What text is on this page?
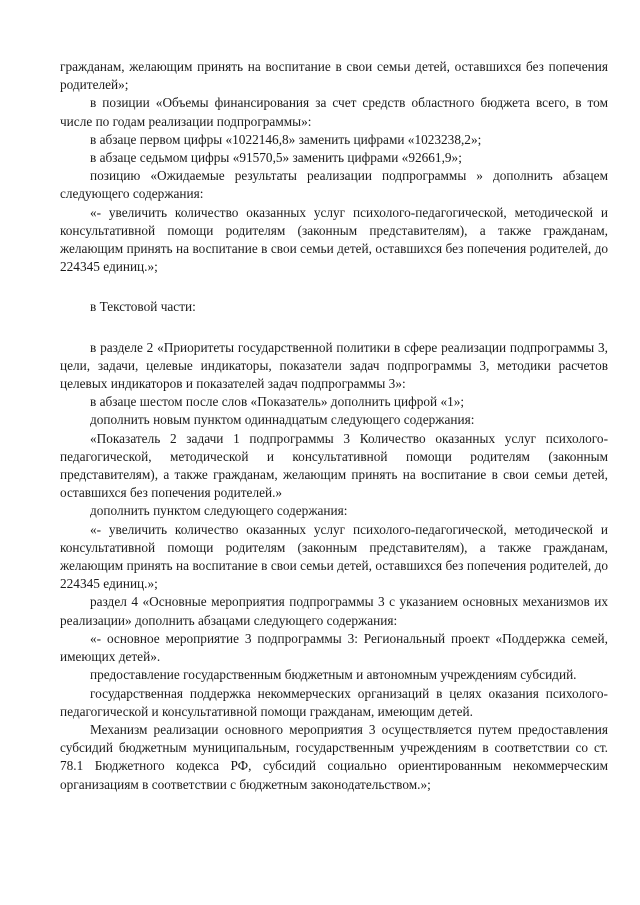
гражданам, желающим принять на воспитание в свои семьи детей, оставшихся без попечения родителей»;

в позиции «Объемы финансирования за счет средств областного бюджета всего, в том числе по годам реализации подпрограммы»:

в абзаце первом цифры «1022146,8» заменить цифрами «1023238,2»;

в абзаце седьмом цифры «91570,5» заменить цифрами «92661,9»;

позицию «Ожидаемые результаты реализации подпрограммы » дополнить абзацем следующего содержания:

«- увеличить количество оказанных услуг психолого-педагогической, методической и консультативной помощи родителям (законным представителям), а также гражданам, желающим принять на воспитание в свои семьи детей, оставшихся без попечения родителей, до 224345 единиц.»;

в Текстовой части:

в разделе 2 «Приоритеты государственной политики в сфере реализации подпрограммы 3, цели, задачи, целевые индикаторы, показатели задач подпрограммы 3, методики расчетов целевых индикаторов и показателей задач подпрограммы 3»:

в абзаце шестом после слов «Показатель» дополнить цифрой «1»;

дополнить новым пунктом одиннадцатым следующего содержания:

«Показатель 2 задачи 1 подпрограммы 3 Количество оказанных услуг психолого-педагогической, методической и консультативной помощи родителям (законным представителям), а также гражданам, желающим принять на воспитание в свои семьи детей, оставшихся без попечения родителей.»

дополнить пунктом следующего содержания:

«- увеличить количество оказанных услуг психолого-педагогической, методической и консультативной помощи родителям (законным представителям), а также гражданам, желающим принять на воспитание в свои семьи детей, оставшихся без попечения родителей, до 224345 единиц.»;

раздел 4 «Основные мероприятия подпрограммы 3 с указанием основных механизмов их реализации» дополнить абзацами следующего содержания:

«- основное мероприятие 3 подпрограммы 3: Региональный проект «Поддержка семей, имеющих детей».

предоставление государственным бюджетным и автономным учреждениям субсидий.

государственная поддержка некоммерческих организаций в целях оказания психолого-педагогической и консультативной помощи гражданам, имеющим детей.

Механизм реализации основного мероприятия 3 осуществляется путем предоставления субсидий бюджетным муниципальным, государственным учреждениям в соответствии со ст. 78.1 Бюджетного кодекса РФ, субсидий социально ориентированным некоммерческим организациям в соответствии с бюджетным законодательством.»;
